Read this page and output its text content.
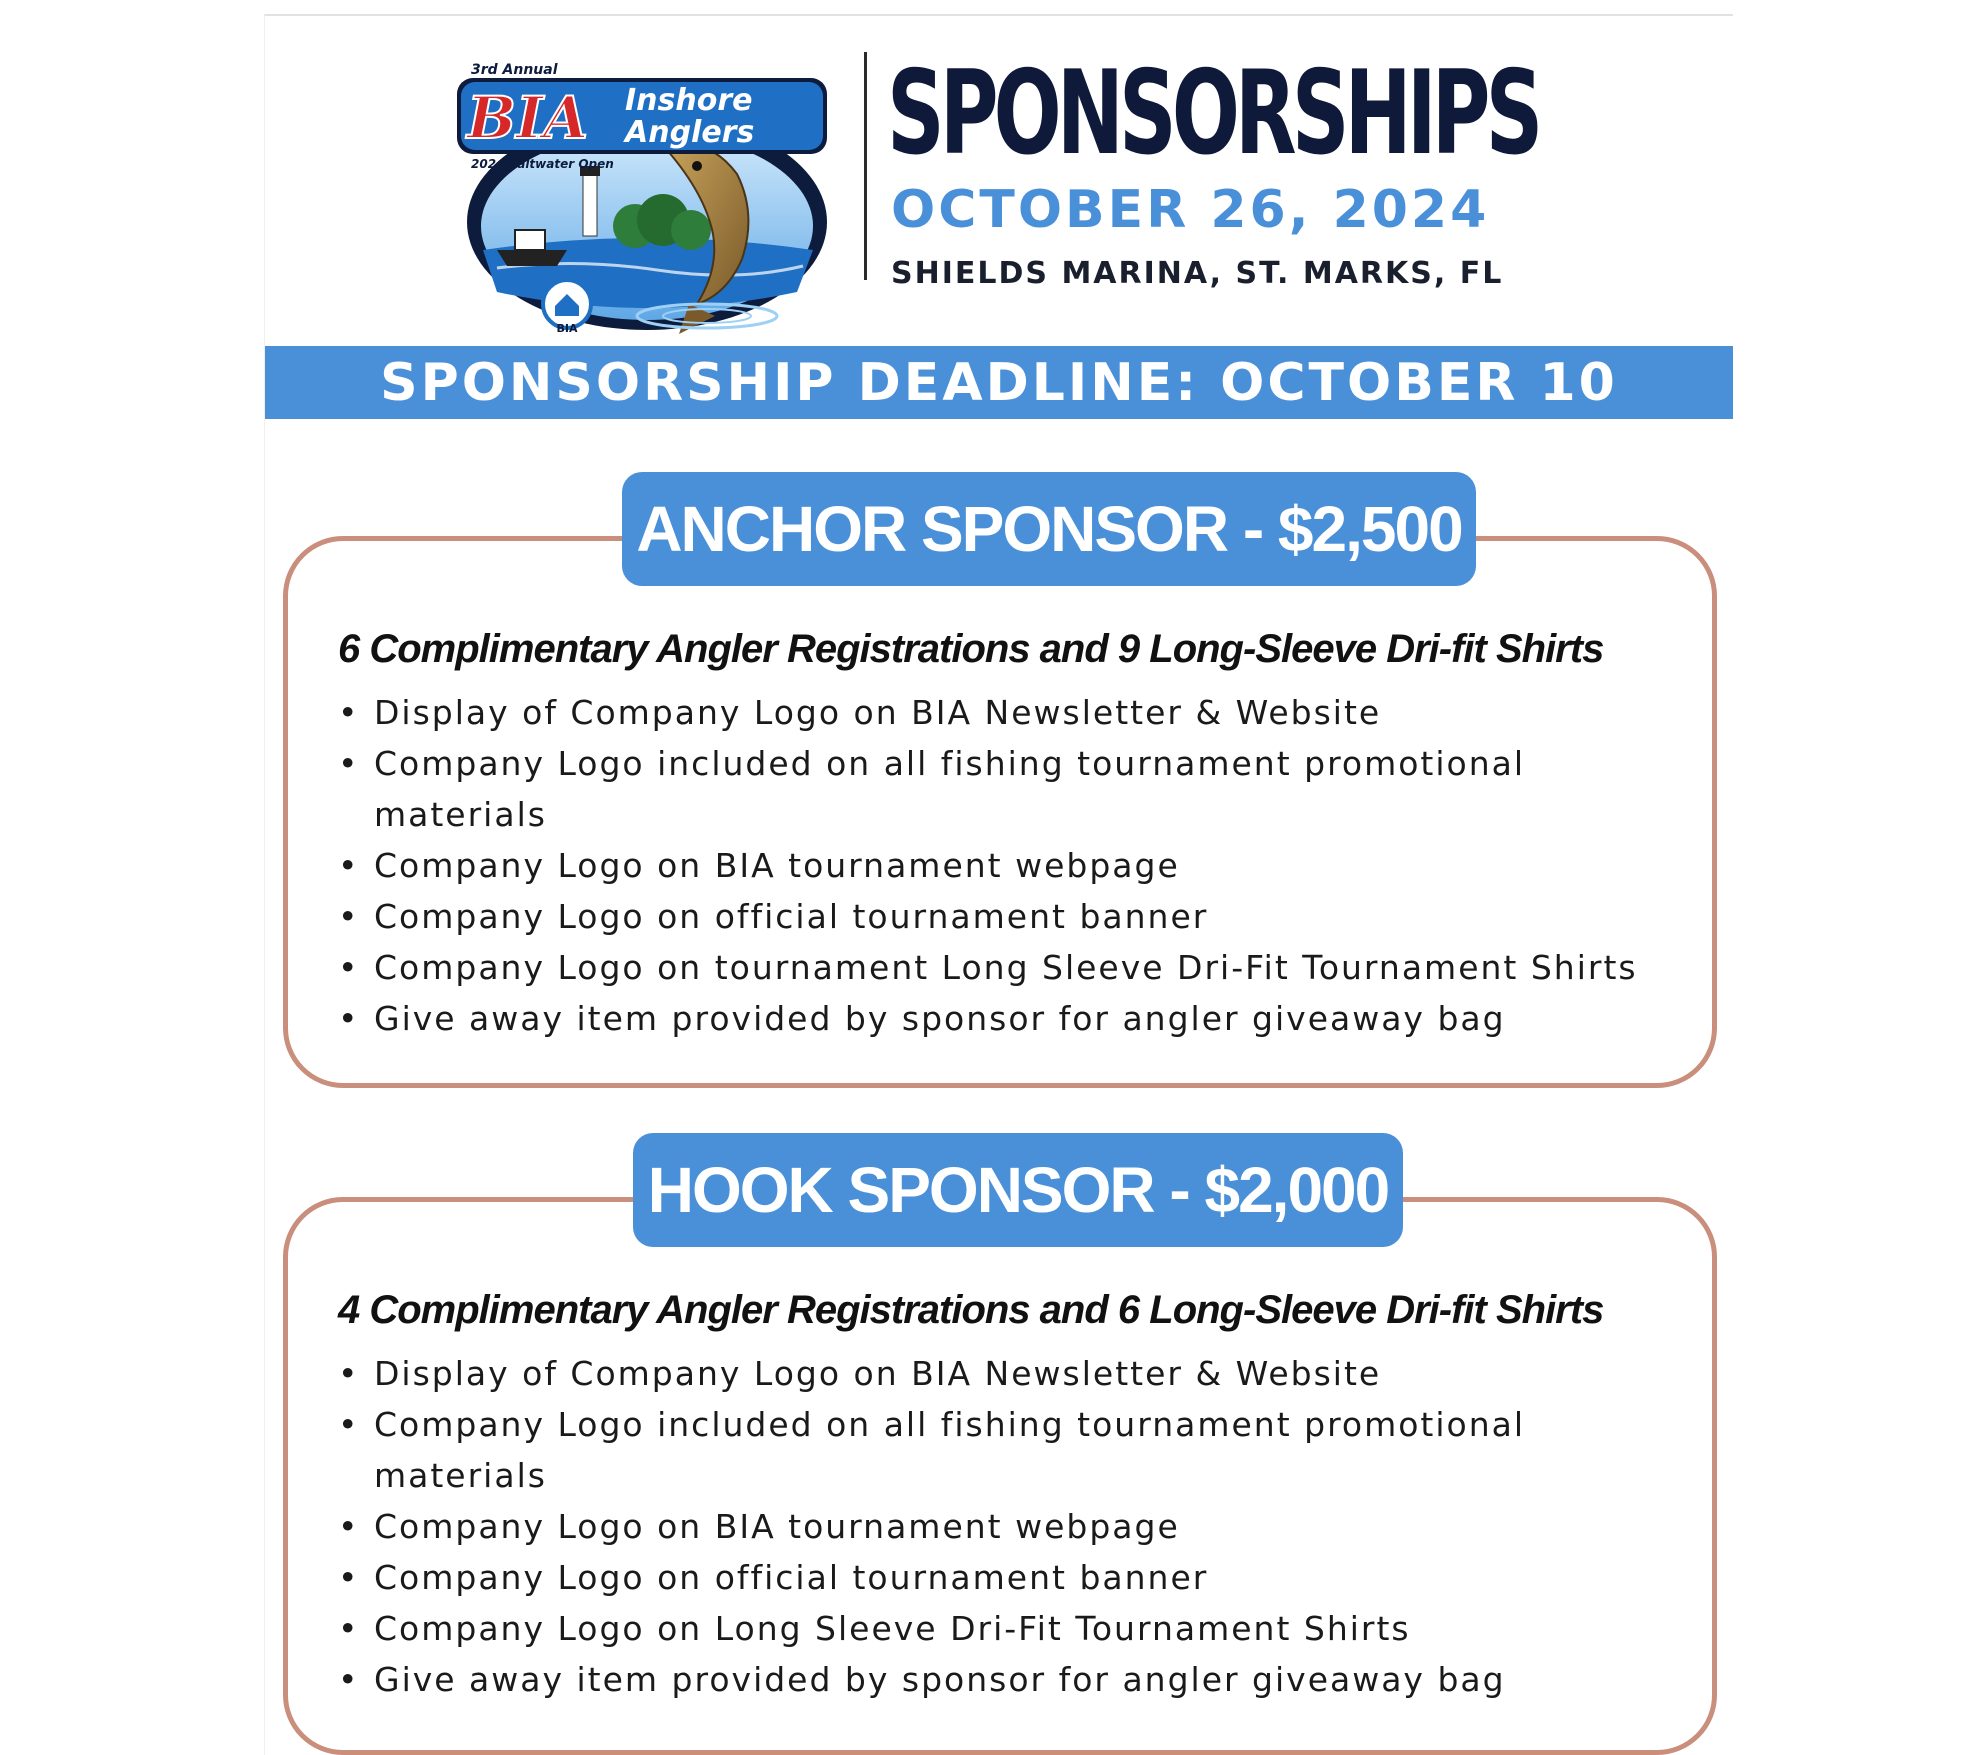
BIA
3rd Annual
BIA Inshore
Anglers
2024 Saltwater Open SPONSORSHIPS
OCTOBER 26, 2024
SHIELDS MARINA, ST. MARKS, FL
SPONSORSHIP DEADLINE: OCTOBER 10
6 Complimentary Angler Registrations and 9 Long-Sleeve Dri-fit Shirts
• Display of Company Logo on BIA Newsletter & Website
• Company Logo included on all fishing tournament promotional materials
• Company Logo on BIA tournament webpage
• Company Logo on official tournament banner
• Company Logo on tournament Long Sleeve Dri-Fit Tournament Shirts
• Give away item provided by sponsor for angler giveaway bag
ANCHOR SPONSOR - $2,500
4 Complimentary Angler Registrations and 6 Long-Sleeve Dri-fit Shirts
• Display of Company Logo on BIA Newsletter & Website
• Company Logo included on all fishing tournament promotional materials
• Company Logo on BIA tournament webpage
• Company Logo on official tournament banner
• Company Logo on Long Sleeve Dri-Fit Tournament Shirts
• Give away item provided by sponsor for angler giveaway bag
HOOK SPONSOR - $2,000
